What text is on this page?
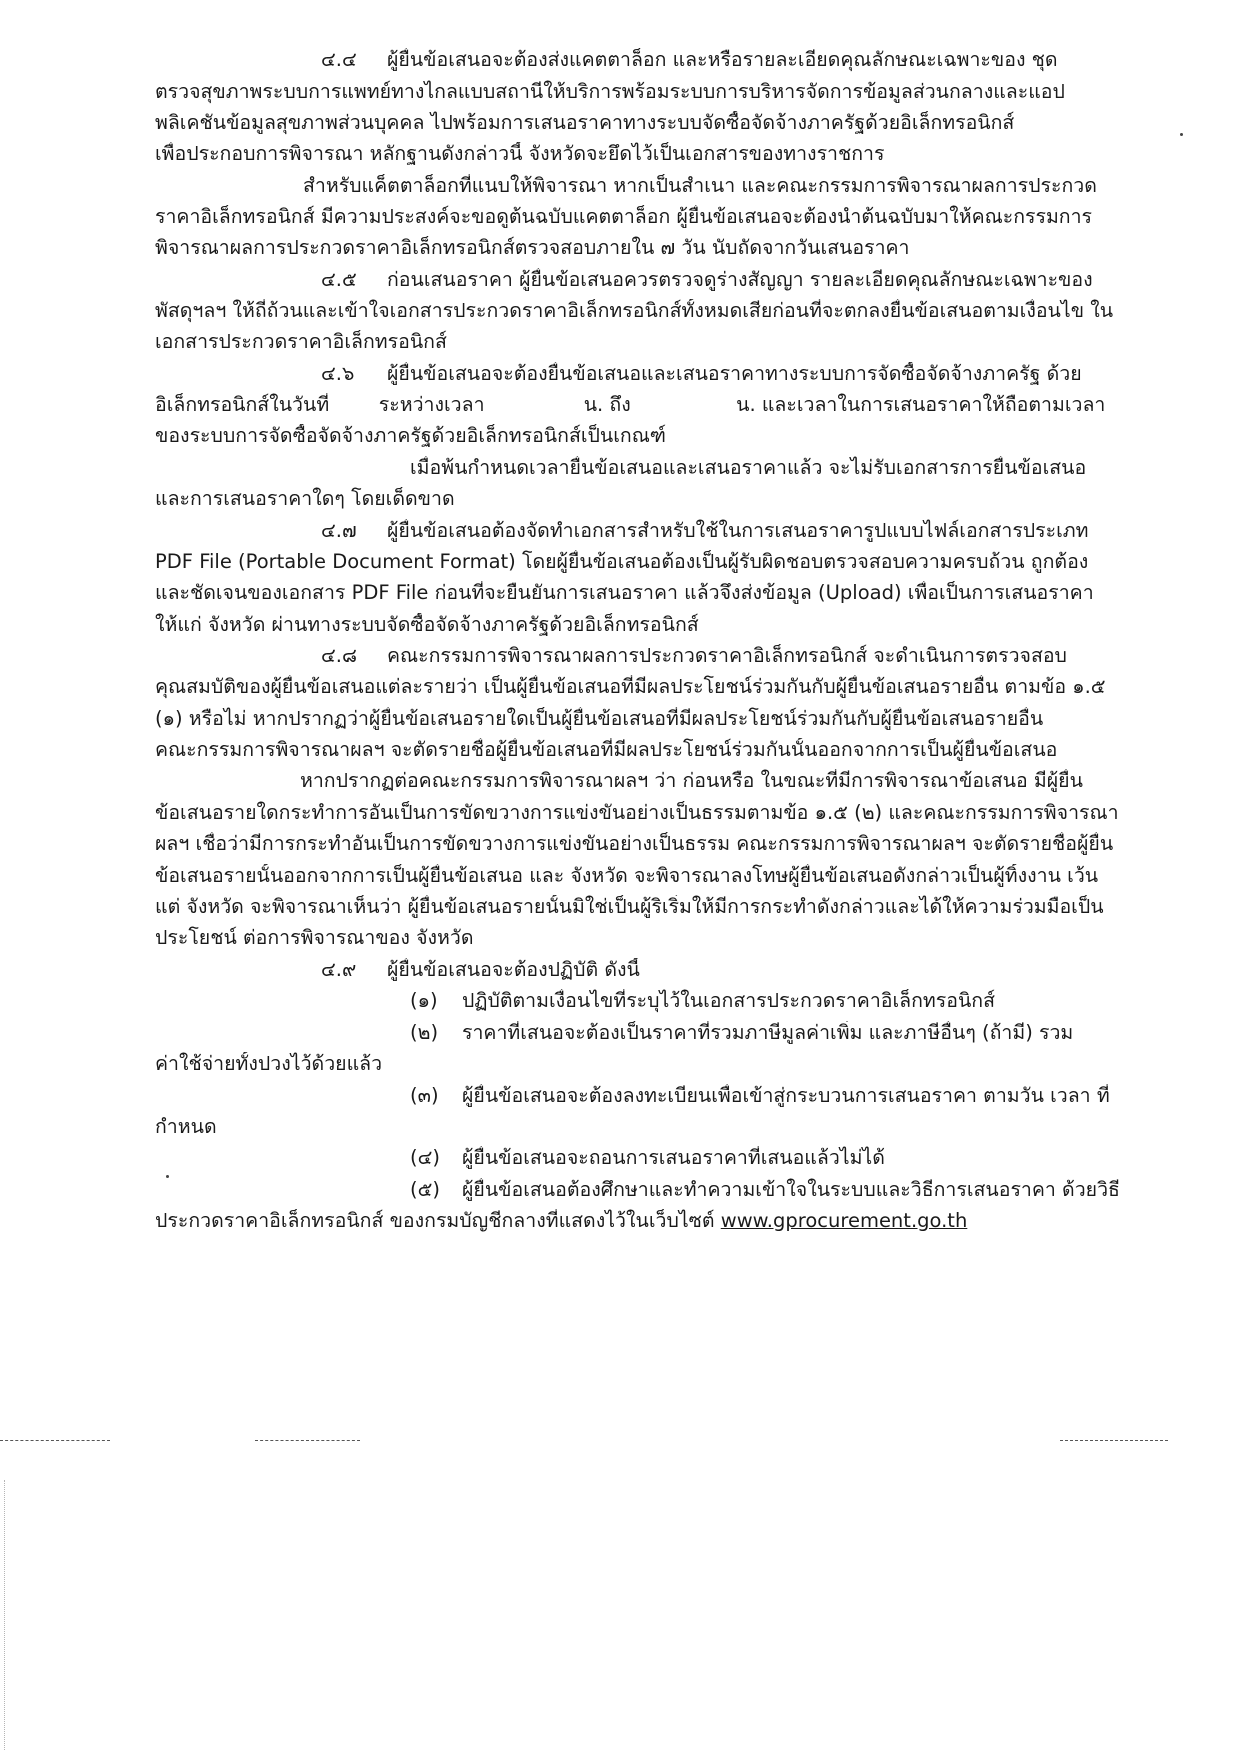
๔.๔ ผู้ยื่นข้อเสนอจะต้องส่งแคตตาล็อก และหรือรายละเอียดคุณลักษณะเฉพาะของ ชุด
ตรวจสุขภาพระบบการแพทย์ทางไกลแบบสถานีให้บริการพร้อมระบบการบริหารจัดการข้อมูลส่วนกลางและแอป
พลิเคชันข้อมูลสุขภาพส่วนบุคคล ไปพร้อมการเสนอราคาทางระบบจัดซื้อจัดจ้างภาครัฐด้วยอิเล็กทรอนิกส์
เพื่อประกอบการพิจารณา หลักฐานดังกล่าวนี้ จังหวัดจะยึดไว้เป็นเอกสารของทางราชการ
สำหรับแค็ตตาล็อกที่แนบให้พิจารณา หากเป็นสำเนา และคณะกรรมการพิจารณาผลการประกวด
ราคาอิเล็กทรอนิกส์ มีความประสงค์จะขอดูต้นฉบับแคตตาล็อก ผู้ยื่นข้อเสนอจะต้องนำต้นฉบับมาให้คณะกรรมการ
พิจารณาผลการประกวดราคาอิเล็กทรอนิกส์ตรวจสอบภายใน ๗ วัน นับถัดจากวันเสนอราคา
๔.๕ ก่อนเสนอราคา ผู้ยื่นข้อเสนอควรตรวจดูร่างสัญญา รายละเอียดคุณลักษณะเฉพาะของ
พัสดุฯลฯ ให้ถี่ถ้วนและเข้าใจเอกสารประกวดราคาอิเล็กทรอนิกส์ทั้งหมดเสียก่อนที่จะตกลงยื่นข้อเสนอตามเงื่อนไข ใน
เอกสารประกวดราคาอิเล็กทรอนิกส์
๔.๖ ผู้ยื่นข้อเสนอจะต้องยื่นข้อเสนอและเสนอราคาทางระบบการจัดซื้อจัดจ้างภาครัฐ ด้วย
อิเล็กทรอนิกส์ในวันที่        ระหว่างเวลา                น. ถึง                 น. และเวลาในการเสนอราคาให้ถือตามเวลา
ของระบบการจัดซื้อจัดจ้างภาครัฐด้วยอิเล็กทรอนิกส์เป็นเกณฑ์
เมื่อพ้นกำหนดเวลายื่นข้อเสนอและเสนอราคาแล้ว จะไม่รับเอกสารการยื่นข้อเสนอ
และการเสนอราคาใดๆ โดยเด็ดขาด
๔.๗ ผู้ยื่นข้อเสนอต้องจัดทำเอกสารสำหรับใช้ในการเสนอราคารูปแบบไฟล์เอกสารประเภท
PDF File (Portable Document Format) โดยผู้ยื่นข้อเสนอต้องเป็นผู้รับผิดชอบตรวจสอบความครบถ้วน ถูกต้อง
และชัดเจนของเอกสาร PDF File ก่อนที่จะยืนยันการเสนอราคา แล้วจึงส่งข้อมูล (Upload) เพื่อเป็นการเสนอราคา
ให้แก่ จังหวัด ผ่านทางระบบจัดซื้อจัดจ้างภาครัฐด้วยอิเล็กทรอนิกส์
๔.๘ คณะกรรมการพิจารณาผลการประกวดราคาอิเล็กทรอนิกส์ จะดำเนินการตรวจสอบ
คุณสมบัติของผู้ยื่นข้อเสนอแต่ละรายว่า เป็นผู้ยื่นข้อเสนอที่มีผลประโยชน์ร่วมกันกับผู้ยื่นข้อเสนอรายอื่น ตามข้อ ๑.๕
(๑) หรือไม่ หากปรากฏว่าผู้ยื่นข้อเสนอรายใดเป็นผู้ยื่นข้อเสนอที่มีผลประโยชน์ร่วมกันกับผู้ยื่นข้อเสนอรายอื่น
คณะกรรมการพิจารณาผลฯ จะตัดรายชื่อผู้ยื่นข้อเสนอที่มีผลประโยชน์ร่วมกันนั้นออกจากการเป็นผู้ยื่นข้อเสนอ
หากปรากฏต่อคณะกรรมการพิจารณาผลฯ ว่า ก่อนหรือ ในขณะที่มีการพิจารณาข้อเสนอ มีผู้ยื่น
ข้อเสนอรายใดกระทำการอันเป็นการขัดขวางการแข่งขันอย่างเป็นธรรมตามข้อ ๑.๕ (๒) และคณะกรรมการพิจารณา
ผลฯ เชื่อว่ามีการกระทำอันเป็นการขัดขวางการแข่งขันอย่างเป็นธรรม คณะกรรมการพิจารณาผลฯ จะตัดรายชื่อผู้ยื่น
ข้อเสนอรายนั้นออกจากการเป็นผู้ยื่นข้อเสนอ และ จังหวัด จะพิจารณาลงโทษผู้ยื่นข้อเสนอดังกล่าวเป็นผู้ทิ้งงาน เว้น
แต่ จังหวัด จะพิจารณาเห็นว่า ผู้ยื่นข้อเสนอรายนั้นมิใช่เป็นผู้ริเริ่มให้มีการกระทำดังกล่าวและได้ให้ความร่วมมือเป็น
ประโยชน์ ต่อการพิจารณาของ จังหวัด
๔.๙ ผู้ยื่นข้อเสนอจะต้องปฏิบัติ ดังนี้
(๑) ปฏิบัติตามเงื่อนไขที่ระบุไว้ในเอกสารประกวดราคาอิเล็กทรอนิกส์
(๒) ราคาที่เสนอจะต้องเป็นราคาที่รวมภาษีมูลค่าเพิ่ม และภาษีอื่นๆ (ถ้ามี) รวม
ค่าใช้จ่ายทั้งปวงไว้ด้วยแล้ว
(๓) ผู้ยื่นข้อเสนอจะต้องลงทะเบียนเพื่อเข้าสู่กระบวนการเสนอราคา ตามวัน เวลา ที่
กำหนด
(๔) ผู้ยื่นข้อเสนอจะถอนการเสนอราคาที่เสนอแล้วไม่ได้
(๕) ผู้ยื่นข้อเสนอต้องศึกษาและทำความเข้าใจในระบบและวิธีการเสนอราคา ด้วยวิธี
ประกวดราคาอิเล็กทรอนิกส์ ของกรมบัญชีกลางที่แสดงไว้ในเว็บไซต์ www.gprocurement.go.th
